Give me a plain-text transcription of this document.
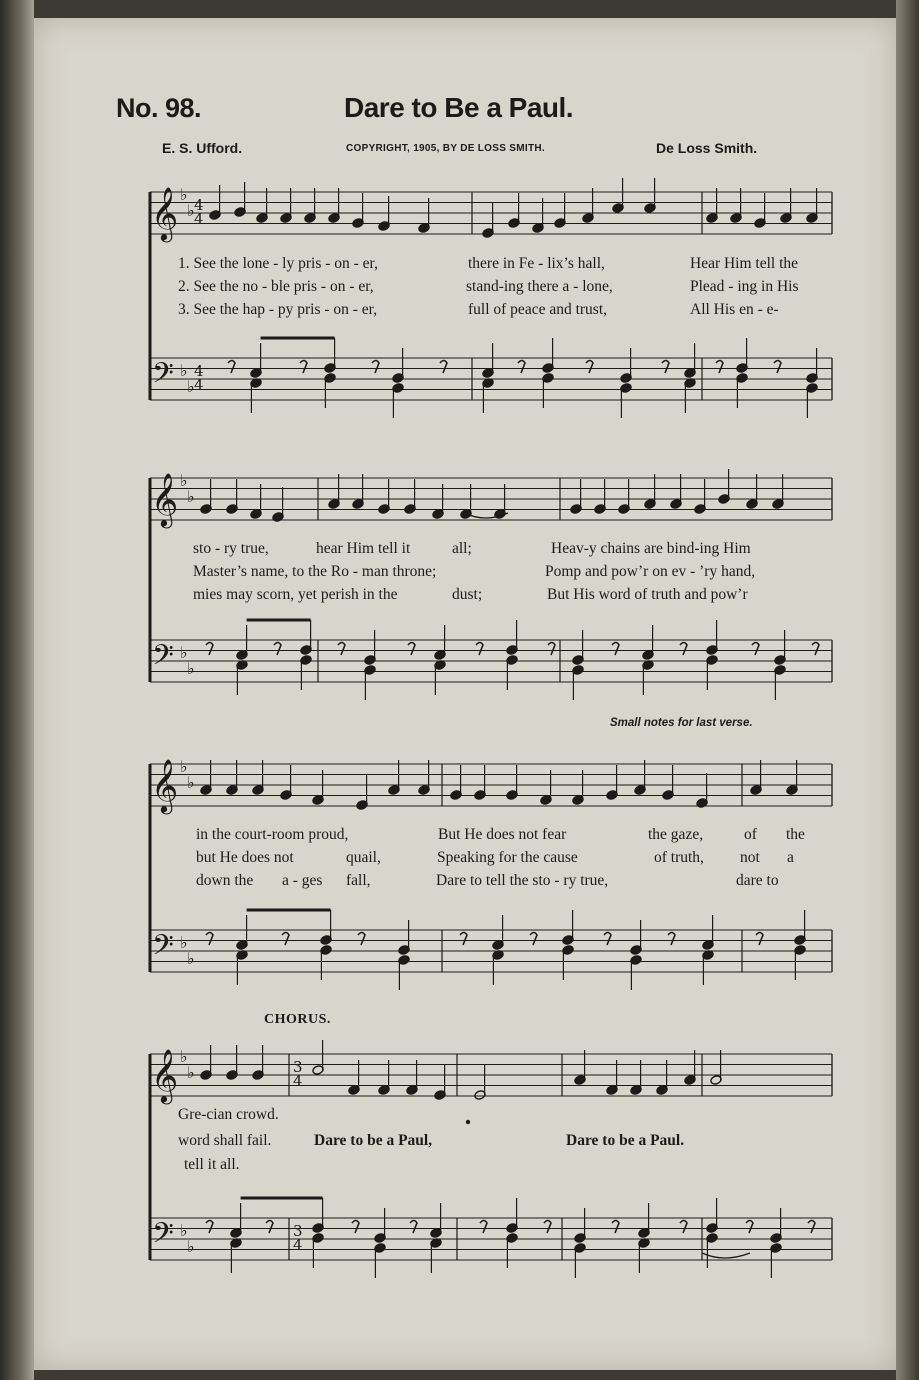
No. 98.	Dare to Be a Paul.
E. S. Ufford.	COPYRIGHT, 1905, BY DE LOSS SMITH.	De Loss Smith.
Small notes for last verse.
CHORUS.
𝄞
𝄢
♭
♭
♭
♭
𝄞
𝄢
♭
♭
♭
♭
𝄞
𝄢
♭
♭
♭
♭
𝄞
𝄢
♭
♭
♭
♭
4
4
4
4
3
4
3
4
1. See the lone - ly pris - on - er,	there in Fe - lix’s hall,	Hear Him tell the
2. See the no - ble pris - on - er,	stand-ing there a - lone,	Plead - ing in His
3. See the hap - py pris - on - er,	full of peace and trust,	All His en - e-
sto - ry true,	hear Him tell it	all;	Heav-y chains are bind-ing Him
Master’s name, to the Ro - man throne;	Pomp and pow’r on ev - ’ry hand,
mies may scorn, yet perish in the	dust;	But His word of truth and pow’r
in the court-room proud,	But He does not fear	the gaze,	of the
but He does not	quail,	Speaking for the cause	of truth, not a
down the a - ges fall,	Dare to tell the sto - ry true,	dare to
Gre-cian crowd.
word shall fail.	Dare to be a Paul,	Dare to be a Paul.
tell it all.
